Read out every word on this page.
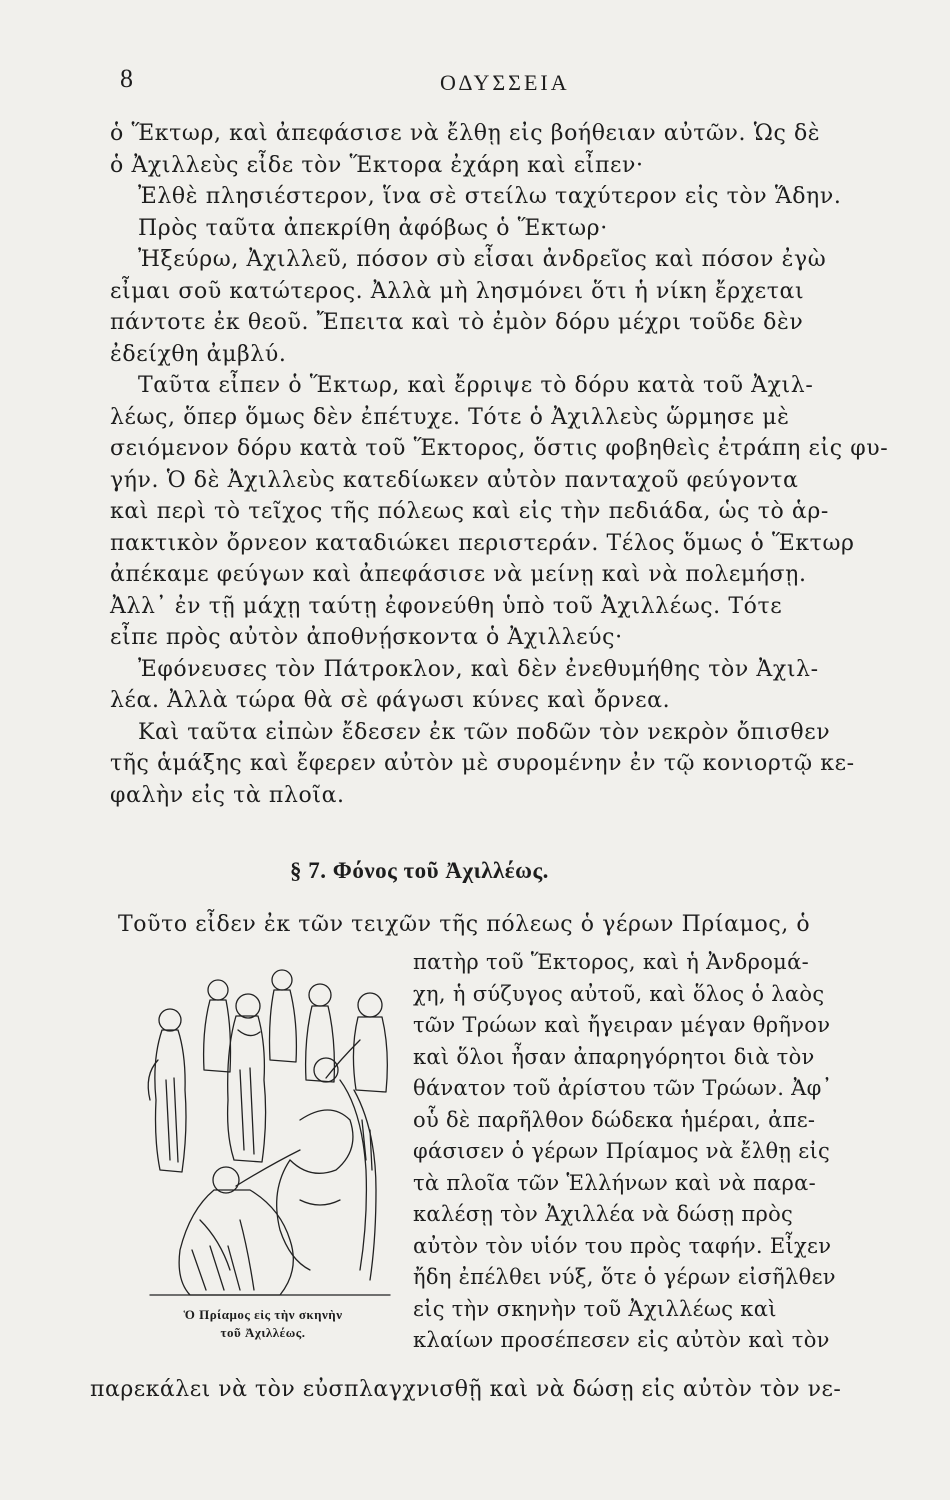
8	ΟΔΥΣΣΕΙΑ
ὁ Ἕκτωρ, καὶ ἀπεφάσισε νὰ ἔλθῃ εἰς βοήθειαν αὐτῶν. Ὡς δὲ
ὁ Ἀχιλλεὺς εἶδε τὸν Ἕκτορα ἐχάρη καὶ εἶπεν·
Ἐλθὲ πλησιέστερον, ἵνα σὲ στείλω ταχύτερον εἰς τὸν Ἅδην.
Πρὸς ταῦτα ἀπεκρίθη ἀφόβως ὁ Ἕκτωρ·
Ἠξεύρω, Ἀχιλλεῦ, πόσον σὺ εἶσαι ἀνδρεῖος καὶ πόσον ἐγὼ
εἶμαι σοῦ κατώτερος. Ἀλλὰ μὴ λησμόνει ὅτι ἡ νίκη ἔρχεται
πάντοτε ἐκ θεοῦ. Ἔπειτα καὶ τὸ ἐμὸν δόρυ μέχρι τοῦδε δὲν
ἐδείχθη ἀμβλύ.
Ταῦτα εἶπεν ὁ Ἕκτωρ, καὶ ἔρριψε τὸ δόρυ κατὰ τοῦ Ἀχιλ-
λέως, ὅπερ ὅμως δὲν ἐπέτυχε. Τότε ὁ Ἀχιλλεὺς ὥρμησε μὲ
σειόμενον δόρυ κατὰ τοῦ Ἕκτορος, ὅστις φοβηθεὶς ἐτράπη εἰς φυ-
γήν. Ὁ δὲ Ἀχιλλεὺς κατεδίωκεν αὐτὸν πανταχοῦ φεύγοντα
καὶ περὶ τὸ τεῖχος τῆς πόλεως καὶ εἰς τὴν πεδιάδα, ὡς τὸ ἁρ-
πακτικὸν ὄρνεον καταδιώκει περιστεράν. Τέλος ὅμως ὁ Ἕκτωρ
ἀπέκαμε φεύγων καὶ ἀπεφάσισε νὰ μείνῃ καὶ νὰ πολεμήσῃ.
Ἀλλ᾽ ἐν τῇ μάχῃ ταύτῃ ἐφονεύθη ὑπὸ τοῦ Ἀχιλλέως. Τότε
εἶπε πρὸς αὐτὸν ἀποθνῄσκοντα ὁ Ἀχιλλεύς·
Ἐφόνευσες τὸν Πάτροκλον, καὶ δὲν ἐνεθυμήθης τὸν Ἀχιλ-
λέα. Ἀλλὰ τώρα θὰ σὲ φάγωσι κύνες καὶ ὄρνεα.
Καὶ ταῦτα εἰπὼν ἔδεσεν ἐκ τῶν ποδῶν τὸν νεκρὸν ὄπισθεν
τῆς ἁμάξης καὶ ἔφερεν αὐτὸν μὲ συρομένην ἐν τῷ κονιορτῷ κε-
φαλὴν εἰς τὰ πλοῖα.
§ 7. Φόνος τοῦ Ἀχιλλέως.
Τοῦτο εἶδεν ἐκ τῶν τειχῶν τῆς πόλεως ὁ γέρων Πρίαμος, ὁ
Ὁ Πρίαμος εἰς τὴν σκηνὴν
τοῦ Ἀχιλλέως.
πατὴρ τοῦ Ἕκτορος, καὶ ἡ Ἀνδρομά-
χη, ἡ σύζυγος αὐτοῦ, καὶ ὅλος ὁ λαὸς
τῶν Τρώων καὶ ἤγειραν μέγαν θρῆνον
καὶ ὅλοι ἦσαν ἀπαρηγόρητοι διὰ τὸν
θάνατον τοῦ ἀρίστου τῶν Τρώων. Ἀφ᾽
οὗ δὲ παρῆλθον δώδεκα ἡμέραι, ἀπε-
φάσισεν ὁ γέρων Πρίαμος νὰ ἔλθῃ εἰς
τὰ πλοῖα τῶν Ἑλλήνων καὶ νὰ παρα-
καλέσῃ τὸν Ἀχιλλέα νὰ δώσῃ πρὸς
αὐτὸν τὸν υἱόν του πρὸς ταφήν. Εἶχεν
ἤδη ἐπέλθει νύξ, ὅτε ὁ γέρων εἰσῆλθεν
εἰς τὴν σκηνὴν τοῦ Ἀχιλλέως καὶ
κλαίων προσέπεσεν εἰς αὐτὸν καὶ τὸν
παρεκάλει νὰ τὸν εὐσπλαγχνισθῇ καὶ νὰ δώσῃ εἰς αὐτὸν τὸν νε-
